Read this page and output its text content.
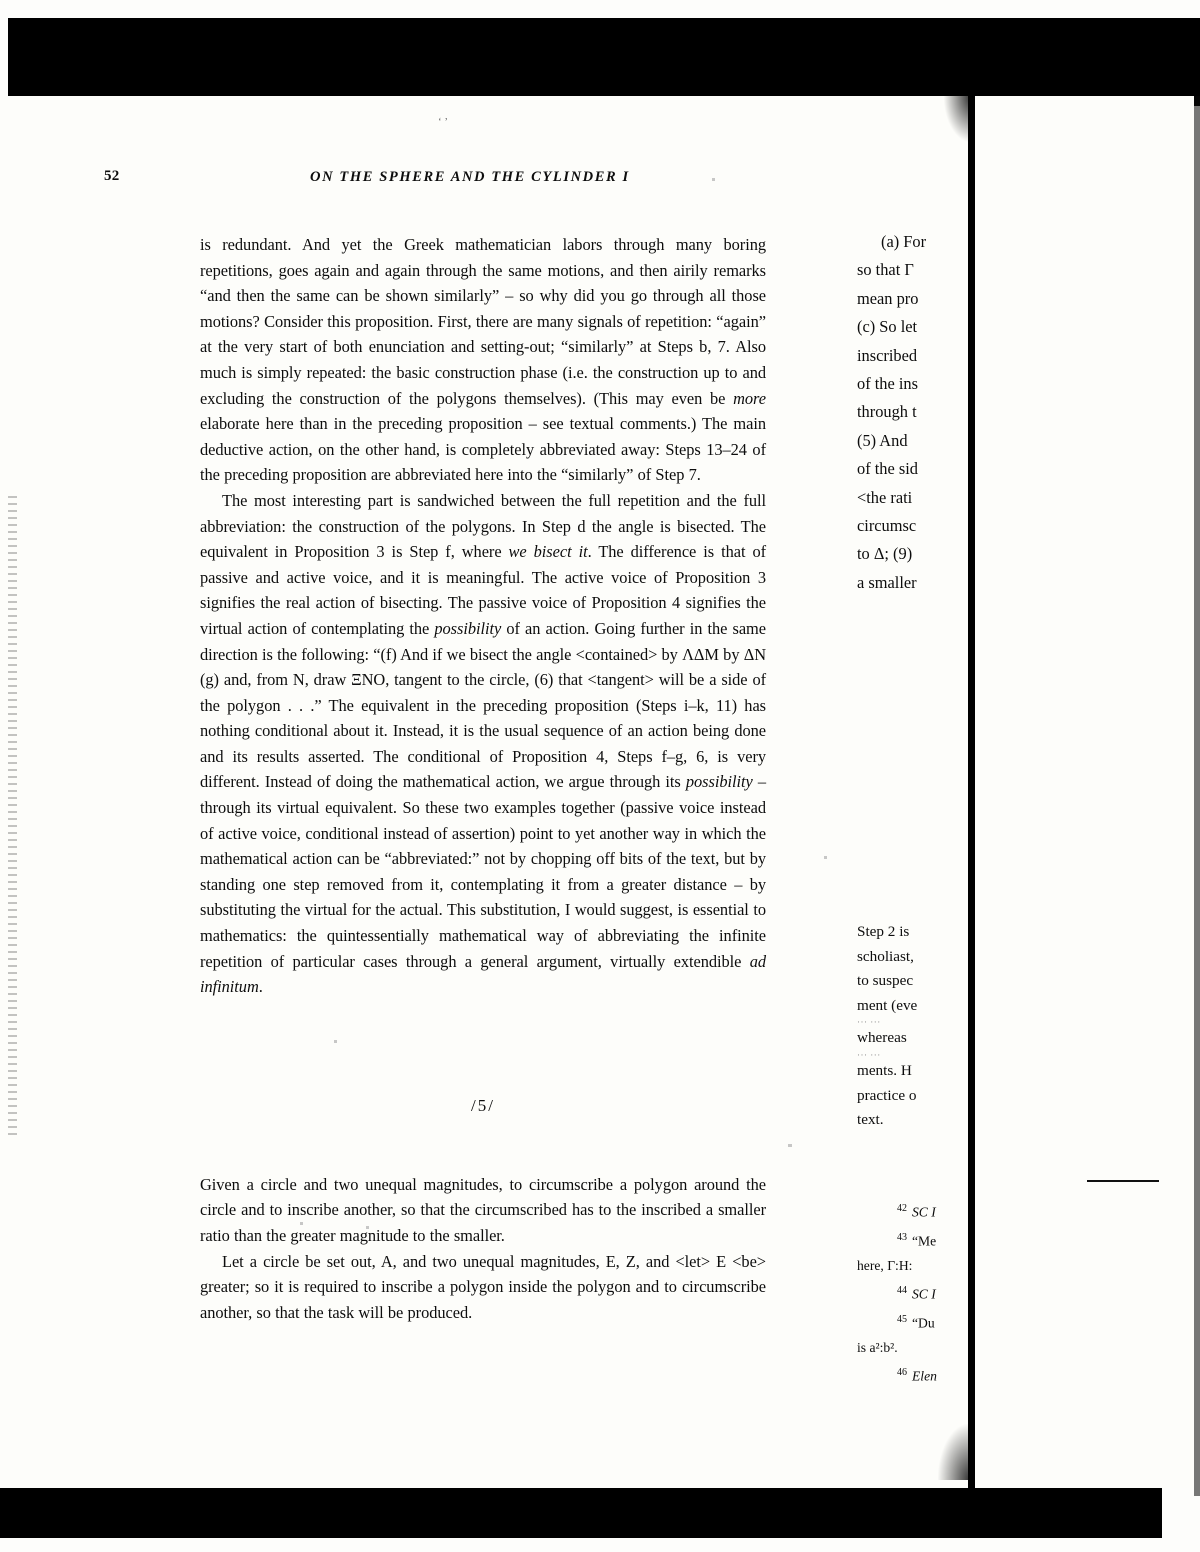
ʻ ʼ
52	ON THE SPHERE AND THE CYLINDER I

is redundant. And yet the Greek mathematician labors through many boring repetitions, goes again and again through the same motions, and then airily remarks “and then the same can be shown similarly” – so why did you go through all those motions? Consider this proposition. First, there are many signals of repetition: “again” at the very start of both enunciation and setting-out; “similarly” at Steps b, 7. Also much is simply repeated: the basic construction phase (i.e. the construction up to and excluding the construction of the polygons themselves). (This may even be more elaborate here than in the preceding proposition – see textual comments.) The main deductive action, on the other hand, is completely abbreviated away: Steps 13–24 of the preceding proposition are abbreviated here into the “similarly” of Step 7.

The most interesting part is sandwiched between the full repetition and the full abbreviation: the construction of the polygons. In Step d the angle is bisected. The equivalent in Proposition 3 is Step f, where we bisect it. The difference is that of passive and active voice, and it is meaningful. The active voice of Proposition 3 signifies the real action of bisecting. The passive voice of Proposition 4 signifies the virtual action of contemplating the possibility of an action. Going further in the same direction is the following: “(f) And if we bisect the angle <contained> by ΛΔM by ΔN (g) and, from N, draw ΞNO, tangent to the circle, (6) that <tangent> will be a side of the polygon . . .” The equivalent in the preceding proposition (Steps i–k, 11) has nothing conditional about it. Instead, it is the usual sequence of an action being done and its results asserted. The conditional of Proposition 4, Steps f–g, 6, is very different. Instead of doing the mathematical action, we argue through its possibility – through its virtual equivalent. So these two examples together (passive voice instead of active voice, conditional instead of assertion) point to yet another way in which the mathematical action can be “abbreviated:” not by chopping off bits of the text, but by standing one step removed from it, contemplating it from a greater distance – by substituting the virtual for the actual. This substitution, I would suggest, is essential to mathematics: the quintessentially mathematical way of abbreviating the infinite repetition of particular cases through a general argument, virtually extendible ad infinitum.

/5/

Given a circle and two unequal magnitudes, to circumscribe a polygon around the circle and to inscribe another, so that the circumscribed has to the inscribed a smaller ratio than the greater magnitude to the smaller.

Let a circle be set out, A, and two unequal magnitudes, E, Z, and <let> E <be> greater; so it is required to inscribe a polygon inside the polygon and to circumscribe another, so that the task will be produced.

(a) For
so that Γ
mean pro
(c) So let
inscribed
of the ins
through t
(5) And
of the sid
<the rati
circumsc
to Δ; (9)
a smaller
Step 2 is
scholiast,
to suspec
ment (eve
··· ···
whereas
··· ···
ments. H
practice o
text.
$^{42}$ SC I
$^{43}$ “Me
here, Γ:H:
$^{44}$ SC I
$^{45}$ “Du
is a²:b².
$^{46}$ Elen
